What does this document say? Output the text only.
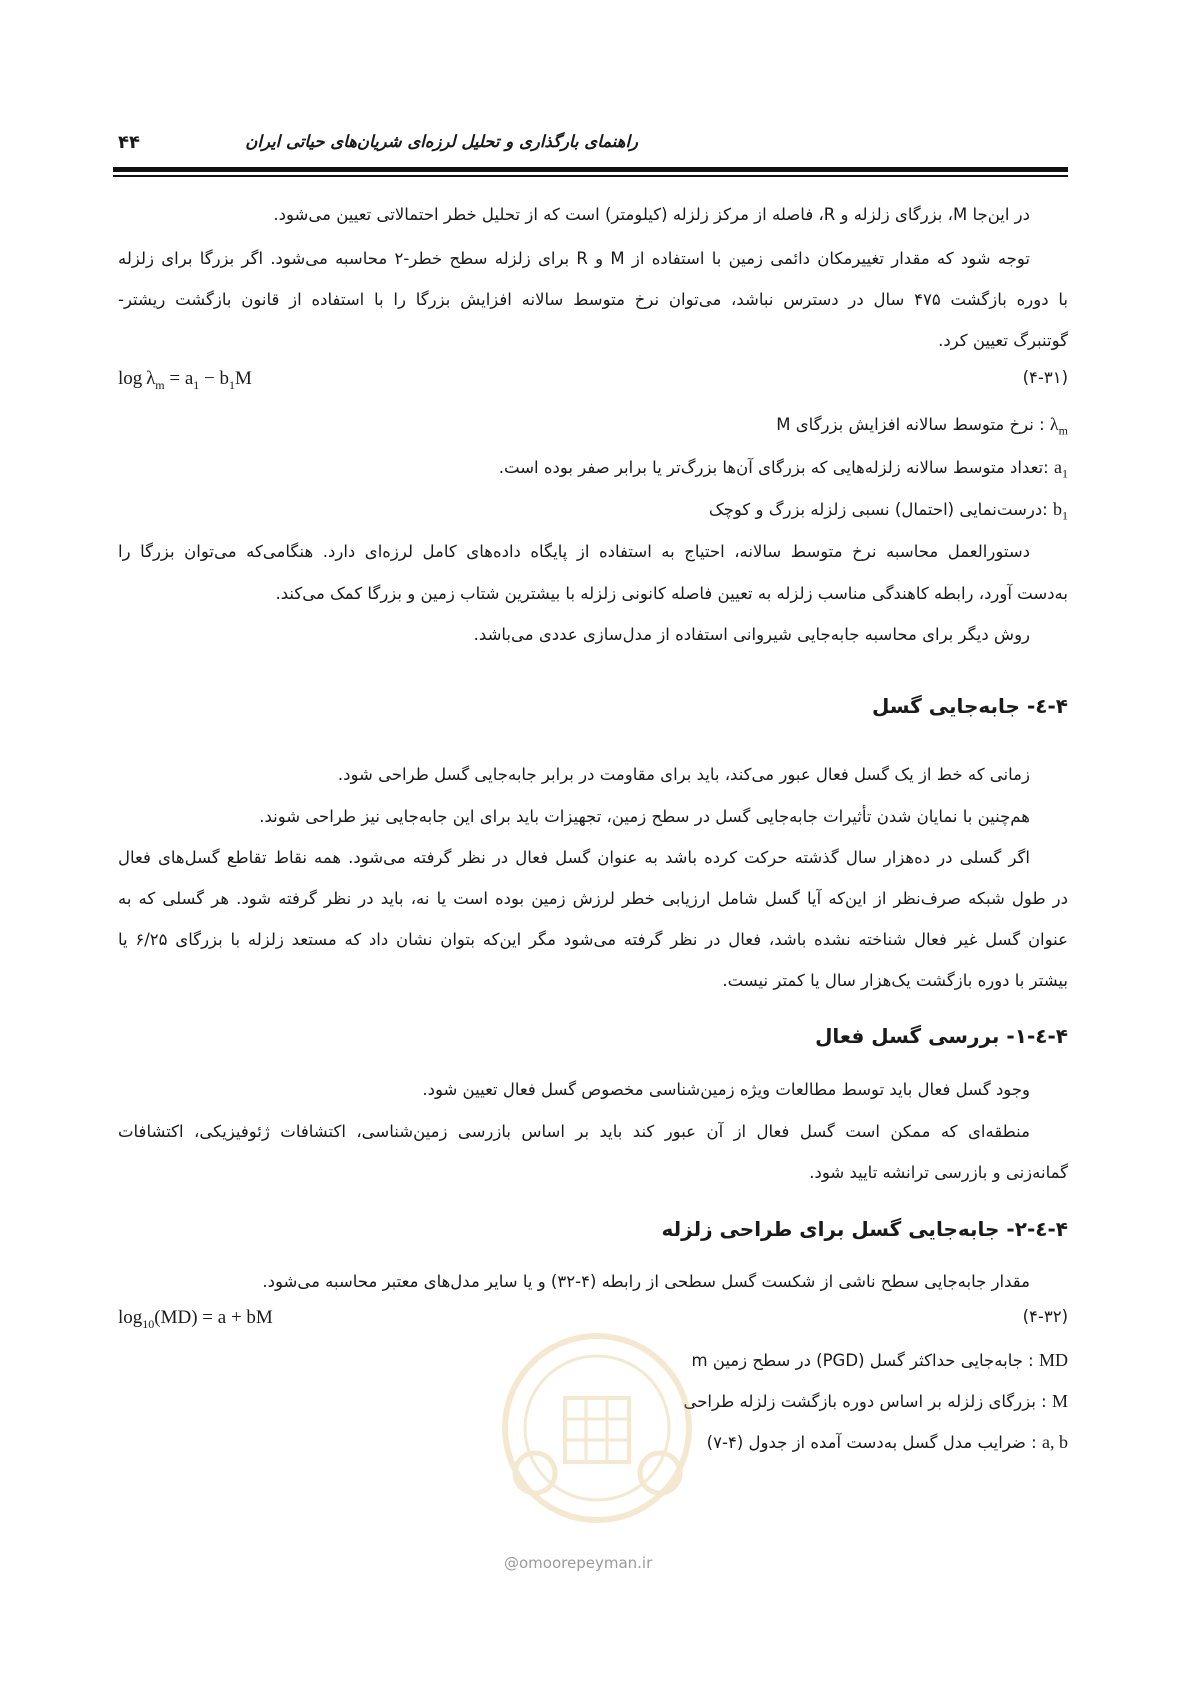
راهنمای بارگذاری و تحلیل لرزه‌ای شریان‌های حیاتی ایران
۴۴
در این‌جا M، بزرگای زلزله و R، فاصله از مرکز زلزله (کیلومتر) است که از تحلیل خطر احتمالاتی تعیین می‌شود.
توجه شود که مقدار تغییرمکان دائمی زمین با استفاده از M و R برای زلزله سطح خطر-۲ محاسبه می‌شود. اگر بزرگا برای زلزله
با دوره بازگشت ۴۷۵ سال در دسترس نباشد، می‌توان نرخ متوسط سالانه افزایش بزرگا را با استفاده از قانون بازگشت ریشتر-
گوتنبرگ تعیین کرد.
$\log \lambda_m = a_1 - b_1M$	(۴-۳۱)
$\lambda_m$ : نرخ متوسط سالانه افزایش بزرگای M
$a_1$ :تعداد متوسط سالانه زلزله‌هایی که بزرگای آن‌ها بزرگ‌تر یا برابر صفر بوده است.
$b_1$ :درست‌نمایی (احتمال) نسبی زلزله بزرگ و کوچک
دستورالعمل محاسبه نرخ متوسط سالانه، احتیاج به استفاده از پایگاه داده‌های کامل لرزه‌ای دارد. هنگامی‌که می‌توان بزرگا را
به‌دست آورد، رابطه کاهندگی مناسب زلزله به تعیین فاصله کانونی زلزله با بیشترین شتاب زمین و بزرگا کمک می‌کند.
روش دیگر برای محاسبه جابه‌جایی شیروانی استفاده از مدل‌سازی عددی می‌باشد.
۴-٤- جابه‌جایی گسل
زمانی که خط از یک گسل فعال عبور می‌کند، باید برای مقاومت در برابر جابه‌جایی گسل طراحی شود.
هم‌چنین با نمایان شدن تأثیرات جابه‌جایی گسل در سطح زمین، تجهیزات باید برای این جابه‌جایی نیز طراحی شوند.
اگر گسلی در ده‌هزار سال گذشته حرکت کرده باشد به عنوان گسل فعال در نظر گرفته می‌شود. همه نقاط تقاطع گسل‌های فعال
در طول شبکه صرف‌نظر از این‌که آیا گسل شامل ارزیابی خطر لرزش زمین بوده است یا نه، باید در نظر گرفته شود. هر گسلی که به
عنوان گسل غیر فعال شناخته نشده باشد، فعال در نظر گرفته می‌شود مگر این‌که بتوان نشان داد که مستعد زلزله با بزرگای ۶/۲۵ یا
بیشتر با دوره بازگشت یک‌هزار سال یا کمتر نیست.
۴-٤-۱- بررسی گسل فعال
وجود گسل فعال باید توسط مطالعات ویژه زمین‌شناسی مخصوص گسل فعال تعیین شود.
منطقه‌ای که ممکن است گسل فعال از آن عبور کند باید بر اساس بازرسی زمین‌شناسی، اکتشافات ژئوفیزیکی، اکتشافات
گمانه‌زنی و بازرسی ترانشه تایید شود.
۴-٤-۲- جابه‌جایی گسل برای طراحی زلزله
مقدار جابه‌جایی سطح ناشی از شکست گسل سطحی از رابطه (۴-۳۲) و یا سایر مدل‌های معتبر محاسبه می‌شود.
$\log_{10}(MD) = a$ + bM	(۴-۳۲)
MD : جابه‌جایی حداکثر گسل (PGD) در سطح زمین m
M : بزرگای زلزله بر اساس دوره بازگشت زلزله طراحی
a, b : ضرایب مدل گسل به‌دست آمده از جدول (۴-۷)
@omoorepeyman.ir
